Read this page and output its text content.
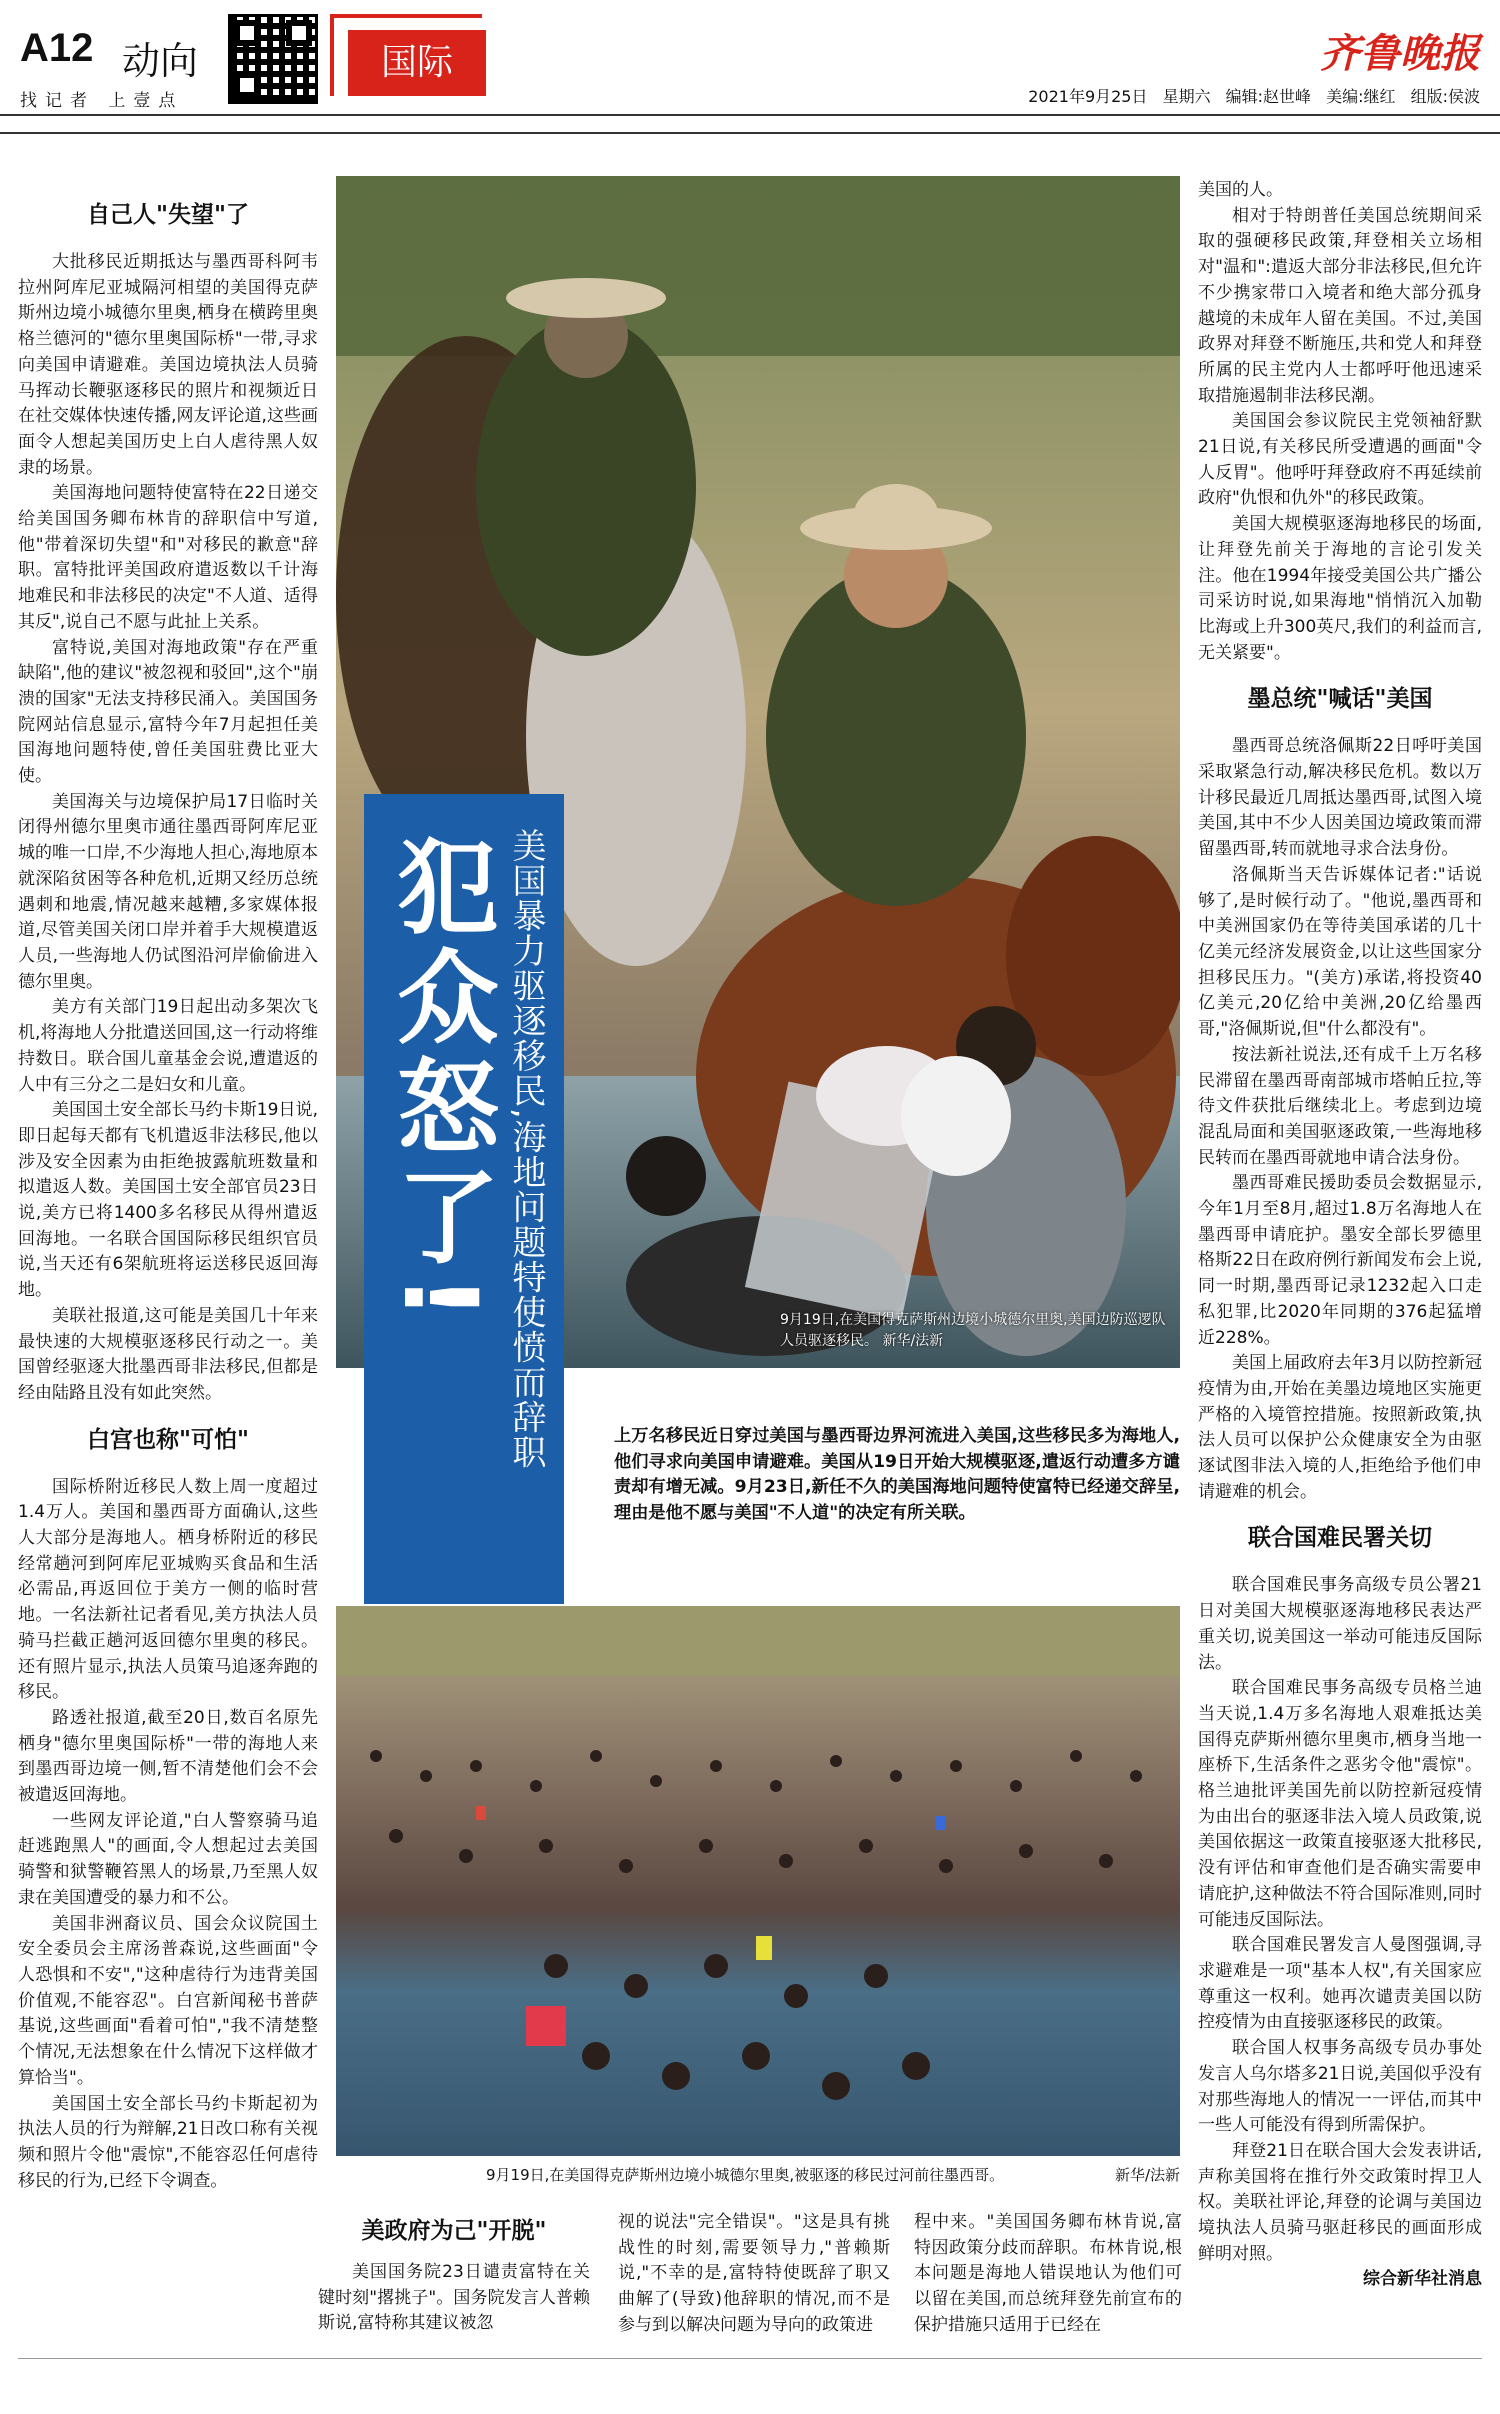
A12 动向
找记者 上壹点
国际	齐鲁晚报
2021年9月25日 星期六 编辑:赵世峰 美编:继红 组版:侯波
自己人"失望"了

大批移民近期抵达与墨西哥科阿韦拉州阿库尼亚城隔河相望的美国得克萨斯州边境小城德尔里奥,栖身在横跨里奥格兰德河的"德尔里奥国际桥"一带,寻求向美国申请避难。美国边境执法人员骑马挥动长鞭驱逐移民的照片和视频近日在社交媒体快速传播,网友评论道,这些画面令人想起美国历史上白人虐待黑人奴隶的场景。

美国海地问题特使富特在22日递交给美国国务卿布林肯的辞职信中写道,他"带着深切失望"和"对移民的歉意"辞职。富特批评美国政府遣返数以千计海地难民和非法移民的决定"不人道、适得其反",说自己不愿与此扯上关系。

富特说,美国对海地政策"存在严重缺陷",他的建议"被忽视和驳回",这个"崩溃的国家"无法支持移民涌入。美国国务院网站信息显示,富特今年7月起担任美国海地问题特使,曾任美国驻费比亚大使。

美国海关与边境保护局17日临时关闭得州德尔里奥市通往墨西哥阿库尼亚城的唯一口岸,不少海地人担心,海地原本就深陷贫困等各种危机,近期又经历总统遇刺和地震,情况越来越糟,多家媒体报道,尽管美国关闭口岸并着手大规模遣返人员,一些海地人仍试图沿河岸偷偷进入德尔里奥。

美方有关部门19日起出动多架次飞机,将海地人分批遣送回国,这一行动将维持数日。联合国儿童基金会说,遭遣返的人中有三分之二是妇女和儿童。

美国国土安全部长马约卡斯19日说,即日起每天都有飞机遣返非法移民,他以涉及安全因素为由拒绝披露航班数量和拟遣返人数。美国国土安全部官员23日说,美方已将1400多名移民从得州遣返回海地。一名联合国国际移民组织官员说,当天还有6架航班将运送移民返回海地。

美联社报道,这可能是美国几十年来最快速的大规模驱逐移民行动之一。美国曾经驱逐大批墨西哥非法移民,但都是经由陆路且没有如此突然。

白宫也称"可怕"

国际桥附近移民人数上周一度超过1.4万人。美国和墨西哥方面确认,这些人大部分是海地人。栖身桥附近的移民经常趟河到阿库尼亚城购买食品和生活必需品,再返回位于美方一侧的临时营地。一名法新社记者看见,美方执法人员骑马拦截正趟河返回德尔里奥的移民。还有照片显示,执法人员策马追逐奔跑的移民。

路透社报道,截至20日,数百名原先栖身"德尔里奥国际桥"一带的海地人来到墨西哥边境一侧,暂不清楚他们会不会被遣返回海地。

一些网友评论道,"白人警察骑马追赶逃跑黑人"的画面,令人想起过去美国骑警和狱警鞭笞黑人的场景,乃至黑人奴隶在美国遭受的暴力和不公。

美国非洲裔议员、国会众议院国土安全委员会主席汤普森说,这些画面"令人恐惧和不安","这种虐待行为违背美国价值观,不能容忍"。白宫新闻秘书普萨基说,这些画面"看着可怕","我不清楚整个情况,无法想象在什么情况下这样做才算恰当"。

美国国土安全部长马约卡斯起初为执法人员的行为辩解,21日改口称有关视频和照片令他"震惊",不能容忍任何虐待移民的行为,已经下令调查。

9月19日,在美国得克萨斯州边境小城德尔里奥,美国边防巡逻队人员驱逐移民。 新华/法新
美国暴力驱逐移民,海地问题特使愤而辞职
犯众怒了!
上万名移民近日穿过美国与墨西哥边界河流进入美国,这些移民多为海地人,他们寻求向美国申请避难。美国从19日开始大规模驱逐,遣返行动遭多方谴责却有增无减。9月23日,新任不久的美国海地问题特使富特已经递交辞呈,理由是他不愿与美国"不人道"的决定有所关联。
9月19日,在美国得克萨斯州边境小城德尔里奥,被驱逐的移民过河前往墨西哥。	新华/法新

美国的人。

相对于特朗普任美国总统期间采取的强硬移民政策,拜登相关立场相对"温和":遣返大部分非法移民,但允许不少携家带口入境者和绝大部分孤身越境的未成年人留在美国。不过,美国政界对拜登不断施压,共和党人和拜登所属的民主党内人士都呼吁他迅速采取措施遏制非法移民潮。

美国国会参议院民主党领袖舒默21日说,有关移民所受遭遇的画面"令人反胃"。他呼吁拜登政府不再延续前政府"仇恨和仇外"的移民政策。

美国大规模驱逐海地移民的场面,让拜登先前关于海地的言论引发关注。他在1994年接受美国公共广播公司采访时说,如果海地"悄悄沉入加勒比海或上升300英尺,我们的利益而言,无关紧要"。

墨总统"喊话"美国

墨西哥总统洛佩斯22日呼吁美国采取紧急行动,解决移民危机。数以万计移民最近几周抵达墨西哥,试图入境美国,其中不少人因美国边境政策而滞留墨西哥,转而就地寻求合法身份。

洛佩斯当天告诉媒体记者:"话说够了,是时候行动了。"他说,墨西哥和中美洲国家仍在等待美国承诺的几十亿美元经济发展资金,以让这些国家分担移民压力。"(美方)承诺,将投资40亿美元,20亿给中美洲,20亿给墨西哥,"洛佩斯说,但"什么都没有"。

按法新社说法,还有成千上万名移民滞留在墨西哥南部城市塔帕丘拉,等待文件获批后继续北上。考虑到边境混乱局面和美国驱逐政策,一些海地移民转而在墨西哥就地申请合法身份。

墨西哥难民援助委员会数据显示,今年1月至8月,超过1.8万名海地人在墨西哥申请庇护。墨安全部长罗德里格斯22日在政府例行新闻发布会上说,同一时期,墨西哥记录1232起入口走私犯罪,比2020年同期的376起猛增近228%。

美国上届政府去年3月以防控新冠疫情为由,开始在美墨边境地区实施更严格的入境管控措施。按照新政策,执法人员可以保护公众健康安全为由驱逐试图非法入境的人,拒绝给予他们申请避难的机会。

联合国难民署关切

联合国难民事务高级专员公署21日对美国大规模驱逐海地移民表达严重关切,说美国这一举动可能违反国际法。

联合国难民事务高级专员格兰迪当天说,1.4万多名海地人艰难抵达美国得克萨斯州德尔里奥市,栖身当地一座桥下,生活条件之恶劣令他"震惊"。格兰迪批评美国先前以防控新冠疫情为由出台的驱逐非法入境人员政策,说美国依据这一政策直接驱逐大批移民,没有评估和审查他们是否确实需要申请庇护,这种做法不符合国际准则,同时可能违反国际法。

联合国难民署发言人曼图强调,寻求避难是一项"基本人权",有关国家应尊重这一权利。她再次谴责美国以防控疫情为由直接驱逐移民的政策。

联合国人权事务高级专员办事处发言人乌尔塔多21日说,美国似乎没有对那些海地人的情况一一评估,而其中一些人可能没有得到所需保护。

拜登21日在联合国大会发表讲话,声称美国将在推行外交政策时捍卫人权。美联社评论,拜登的论调与美国边境执法人员骑马驱赶移民的画面形成鲜明对照。

综合新华社消息

美政府为己"开脱"

美国国务院23日谴责富特在关键时刻"撂挑子"。国务院发言人普赖斯说,富特称其建议被忽

视的说法"完全错误"。"这是具有挑战性的时刻,需要领导力,"普赖斯说,"不幸的是,富特特使既辞了职又曲解了(导致)他辞职的情况,而不是参与到以解决问题为导向的政策进

程中来。"美国国务卿布林肯说,富特因政策分歧而辞职。布林肯说,根本问题是海地人错误地认为他们可以留在美国,而总统拜登先前宣布的保护措施只适用于已经在
